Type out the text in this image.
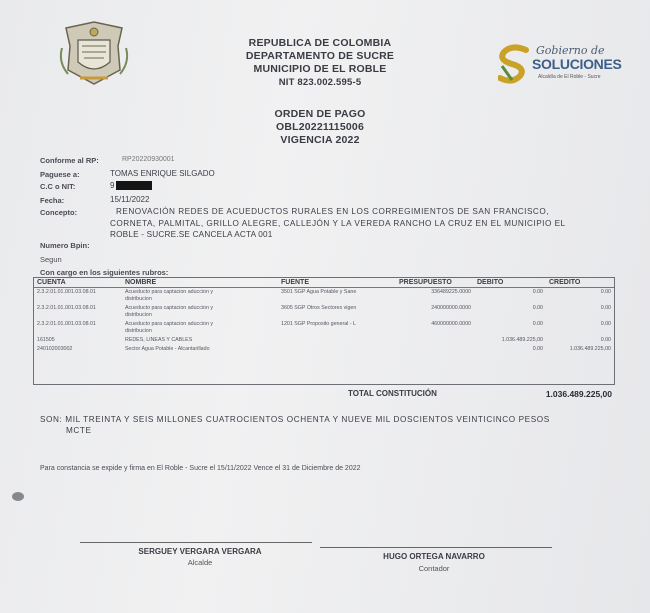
REPUBLICA DE COLOMBIA
DEPARTAMENTO DE SUCRE
MUNICIPIO DE EL ROBLE
NIT 823.002.595-5
Gobierno de
SOLUCIONES
Alcaldía de El Roble - Sucre
ORDEN DE PAGO
OBL20221115006
VIGENCIA 2022
Conforme al RP:	RP20220930001
Paguese a:	TOMAS ENRIQUE SILGADO
C.C o NIT:	9
Fecha:	15/11/2022
Concepto:	RENOVACIÓN REDES DE ACUEDUCTOS RURALES EN LOS CORREGIMIENTOS DE SAN FRANCISCO,
CORNETA, PALMITAL, GRILLO ALEGRE, CALLEJÓN Y LA VEREDA RANCHO LA CRUZ EN EL MUNICIPIO EL
ROBLE - SUCRE.SE CANCELA ACTA 001
Numero Bpin:
Segun
Con cargo en los siguientes rubros:
CUENTA	NOMBRE	FUENTE	PRESUPUESTO	DEBITO	CREDITO
2.3.2.01.01.001.03.08.01	Acueducto para captacion aduccion y
distribucion	3501 SGP Agua Potable y Sane	336489225.0000	0.00	0.00
2.3.2.01.01.001.03.08.01	Acueducto para captacion aduccion y
distribucion	3605 SGP Otros Sectores vigen	240000000.0000	0.00	0.00
2.3.2.01.01.001.03.08.01	Acueducto para captacion aduccion y
distribucion	1201 SGP Proposito general - L	460000000.0000	0.00	0.00
161505	REDES, LINEAS Y CABLES			1.036.489.225,00	0.00
240102003002	Sector Agua Potable - Alcantarillado			0.00	1.036.489.225,00
TOTAL CONSTITUCIÓN	1.036.489.225,00
SON: MIL TREINTA Y SEIS MILLONES CUATROCIENTOS OCHENTA Y NUEVE MIL DOSCIENTOS VEINTICINCO PESOS
MCTE
Para constancia se expide y firma en El Roble - Sucre el 15/11/2022 Vence el 31 de Diciembre de 2022
SERGUEY VERGARA VERGARA
Alcalde
HUGO ORTEGA NAVARRO
Contador
